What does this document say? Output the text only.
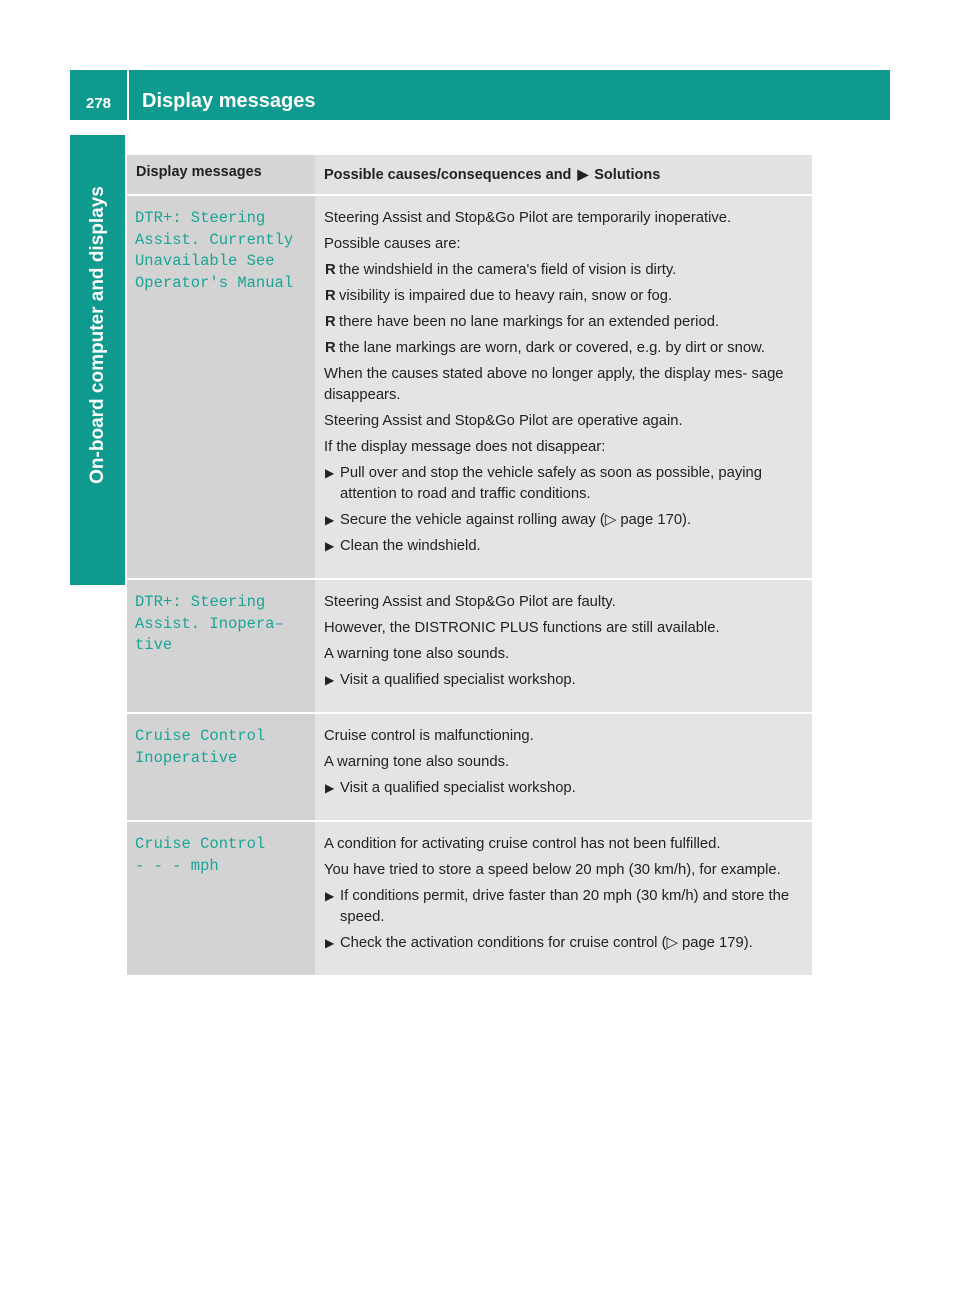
278	Display messages
On-board computer and displays
Display messages	Possible causes/consequences and ▶ Solutions
DTR+: Steering
Assist. Currently
Unavailable See
Operator's Manual
Steering Assist and Stop&Go Pilot are temporarily inoperative.
Possible causes are:
R the windshield in the camera's field of vision is dirty.
R visibility is impaired due to heavy rain, snow or fog.
R there have been no lane markings for an extended period.
R the lane markings are worn, dark or covered, e.g. by dirt or snow.
When the causes stated above no longer apply, the display mes- sage disappears.
Steering Assist and Stop&Go Pilot are operative again.
If the display message does not disappear:
▶ Pull over and stop the vehicle safely as soon as possible, paying attention to road and traffic conditions.
▶ Secure the vehicle against rolling away (▷ page 170).
▶ Clean the windshield.
DTR+: Steering
Assist. Inopera–
tive
Steering Assist and Stop&Go Pilot are faulty.
However, the DISTRONIC PLUS functions are still available.
A warning tone also sounds.
▶ Visit a qualified specialist workshop.
Cruise Control
Inoperative
Cruise control is malfunctioning.
A warning tone also sounds.
▶ Visit a qualified specialist workshop.
Cruise Control
- - - mph
A condition for activating cruise control has not been fulfilled.
You have tried to store a speed below 20 mph (30 km/h), for example.
▶ If conditions permit, drive faster than 20 mph (30 km/h) and store the speed.
▶ Check the activation conditions for cruise control (▷ page 179).
